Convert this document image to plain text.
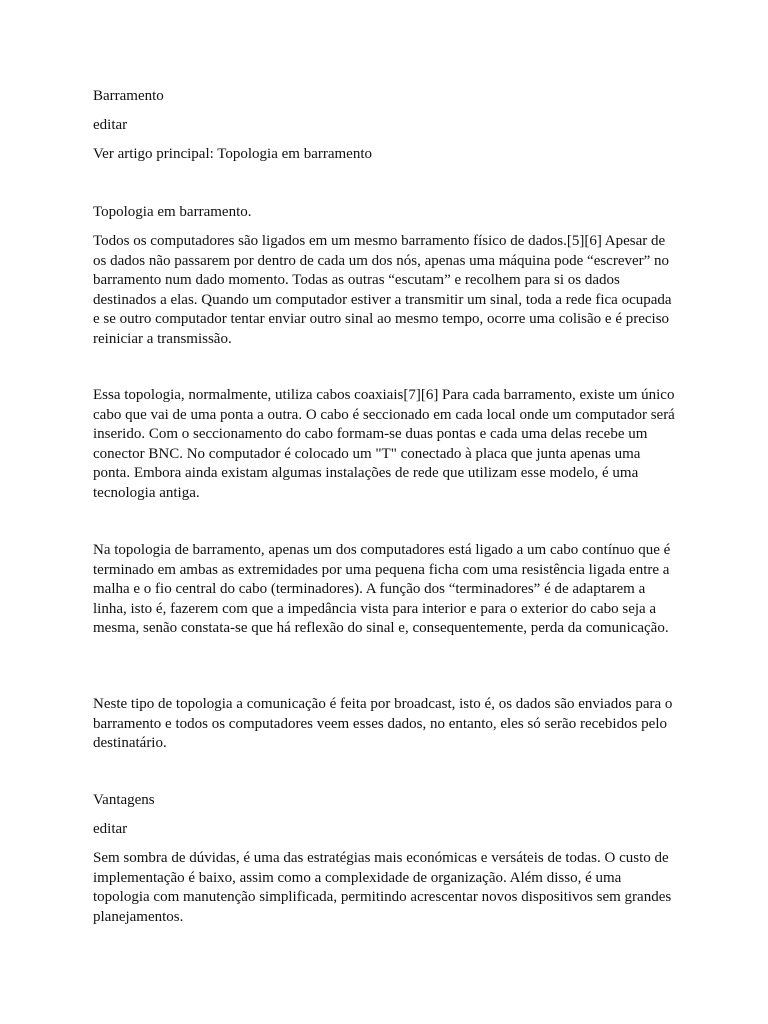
Barramento
editar
Ver artigo principal: Topologia em barramento
Topologia em barramento.
Todos os computadores são ligados em um mesmo barramento físico de dados.[5][6] Apesar de os dados não passarem por dentro de cada um dos nós, apenas uma máquina pode “escrever” no barramento num dado momento. Todas as outras “escutam” e recolhem para si os dados destinados a elas. Quando um computador estiver a transmitir um sinal, toda a rede fica ocupada e se outro computador tentar enviar outro sinal ao mesmo tempo, ocorre uma colisão e é preciso reiniciar a transmissão.
Essa topologia, normalmente, utiliza cabos coaxiais[7][6] Para cada barramento, existe um único cabo que vai de uma ponta a outra. O cabo é seccionado em cada local onde um computador será inserido. Com o seccionamento do cabo formam-se duas pontas e cada uma delas recebe um conector BNC. No computador é colocado um "T" conectado à placa que junta apenas uma ponta. Embora ainda existam algumas instalações de rede que utilizam esse modelo, é uma tecnologia antiga.
Na topologia de barramento, apenas um dos computadores está ligado a um cabo contínuo que é terminado em ambas as extremidades por uma pequena ficha com uma resistência ligada entre a malha e o fio central do cabo (terminadores). A função dos “terminadores” é de adaptarem a linha, isto é, fazerem com que a impedância vista para interior e para o exterior do cabo seja a mesma, senão constata-se que há reflexão do sinal e, consequentemente, perda da comunicação.
Neste tipo de topologia a comunicação é feita por broadcast, isto é, os dados são enviados para o barramento e todos os computadores veem esses dados, no entanto, eles só serão recebidos pelo destinatário.
Vantagens
editar
Sem sombra de dúvidas, é uma das estratégias mais económicas e versáteis de todas. O custo de implementação é baixo, assim como a complexidade de organização. Além disso, é uma topologia com manutenção simplificada, permitindo acrescentar novos dispositivos sem grandes planejamentos.
